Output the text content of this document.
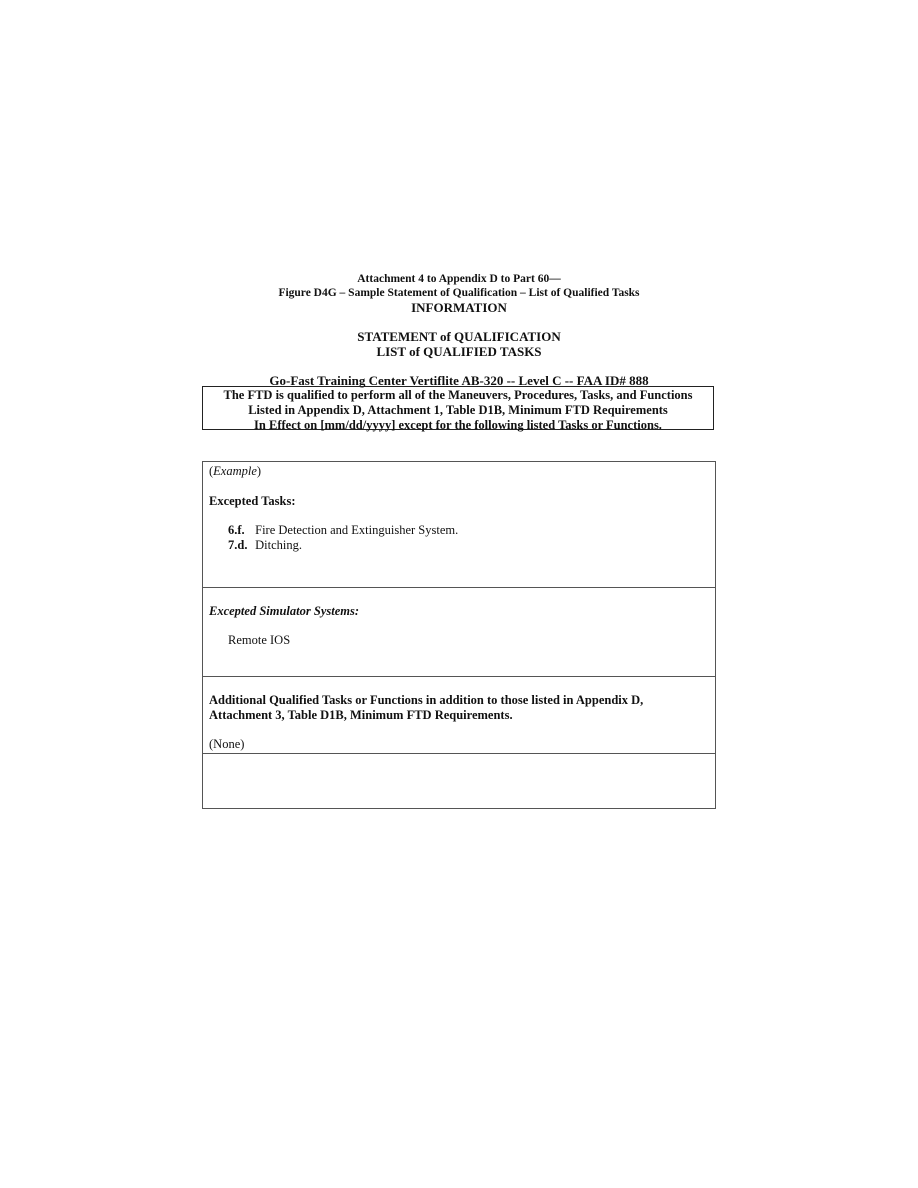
Attachment 4 to Appendix D to Part 60—
Figure D4G – Sample Statement of Qualification – List of Qualified Tasks
INFORMATION
STATEMENT of QUALIFICATION
LIST of QUALIFIED TASKS
Go-Fast Training Center Vertiflite AB-320 -- Level C -- FAA ID# 888
The FTD is qualified to perform all of the Maneuvers, Procedures, Tasks, and Functions
Listed in Appendix D, Attachment 1, Table D1B, Minimum FTD Requirements
In Effect on [mm/dd/yyyy] except for the following listed Tasks or Functions.
(Example)
Excepted Tasks:
6.f. Fire Detection and Extinguisher System.
7.d. Ditching.
Excepted Simulator Systems:
Remote IOS
Additional Qualified Tasks or Functions in addition to those listed in Appendix D,
Attachment 3, Table D1B, Minimum FTD Requirements.
(None)
